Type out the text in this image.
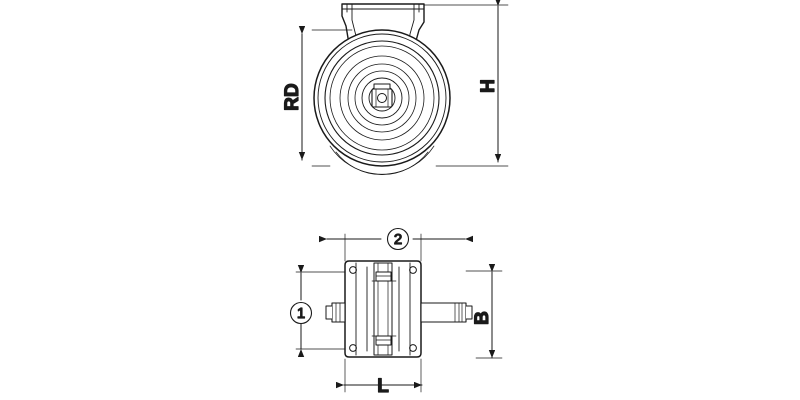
RD	H
2
1	B
L
